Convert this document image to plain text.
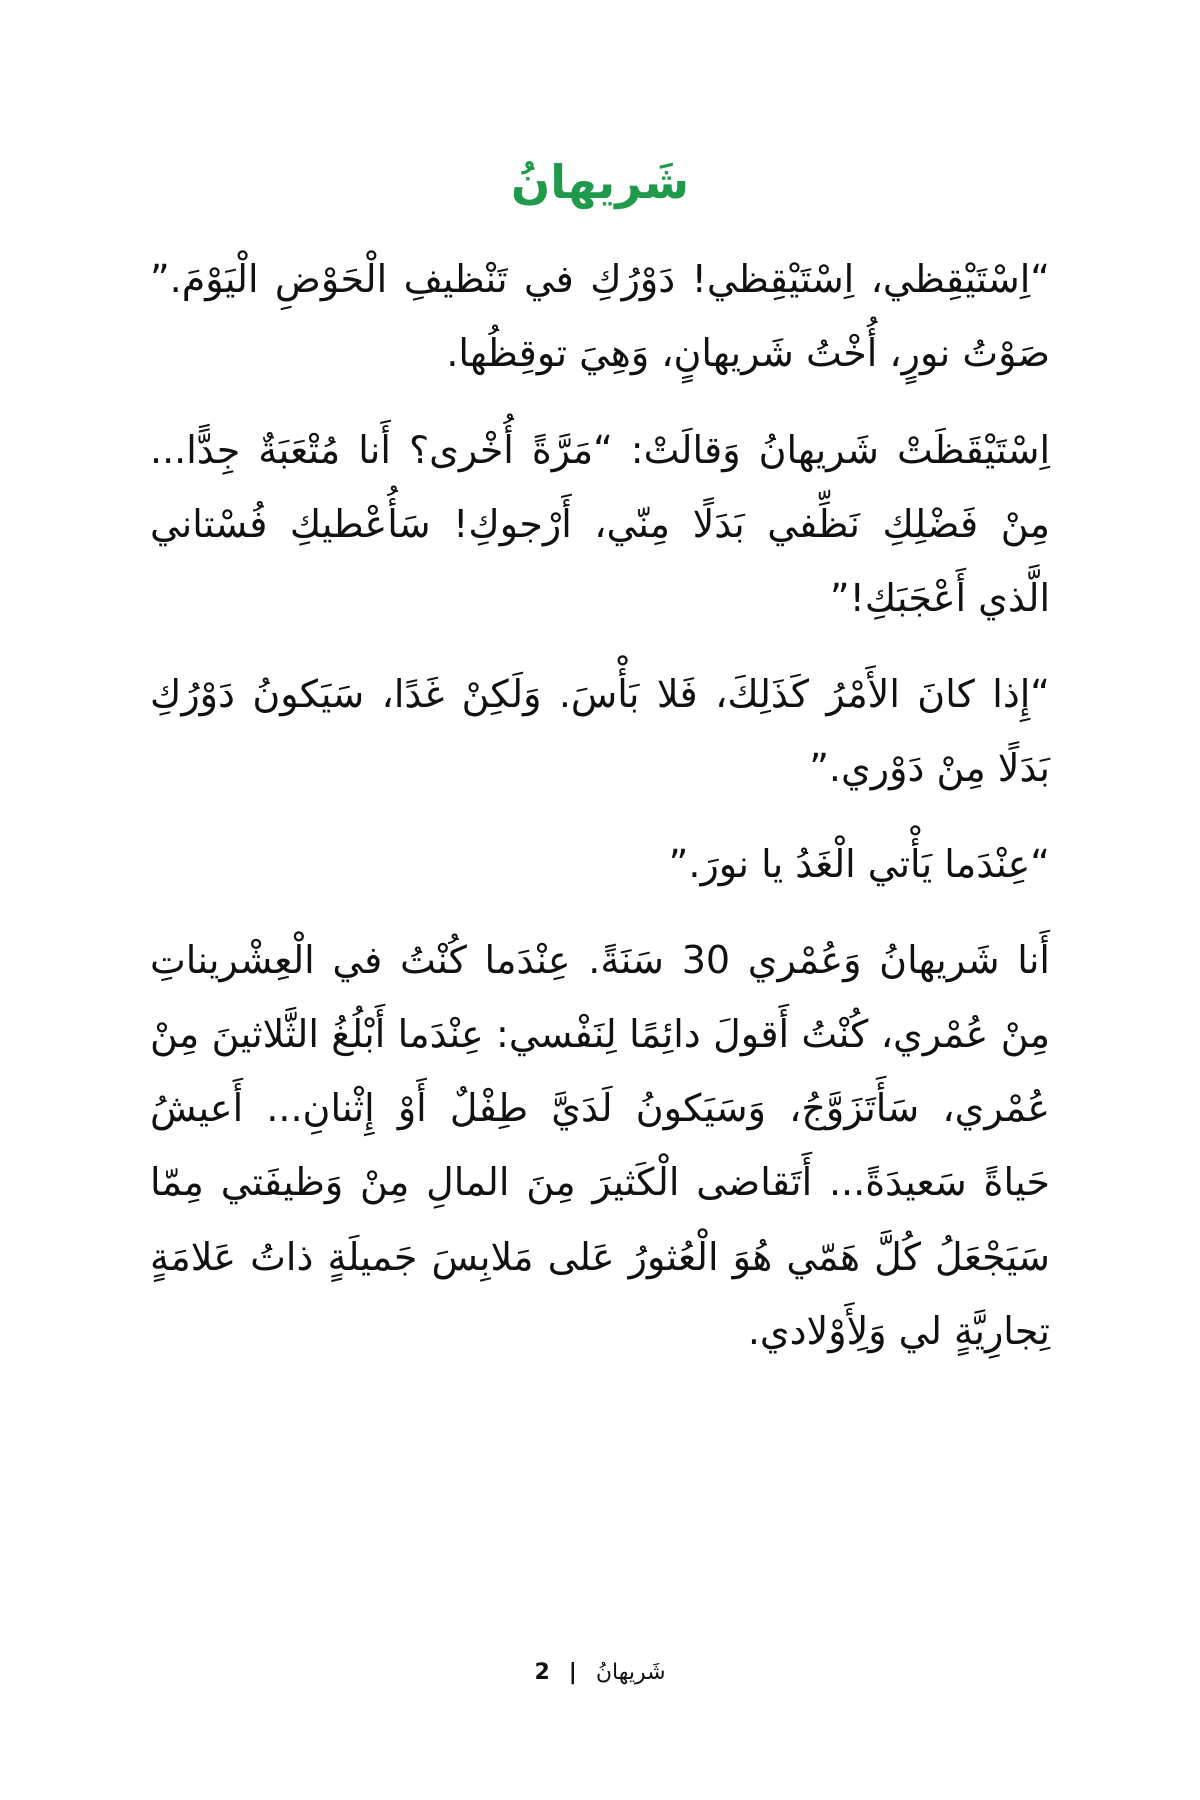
شَريهانُ

“اِسْتَيْقِظي، اِسْتَيْقِظي! دَوْرُكِ في تَنْظيفِ الْحَوْضِ الْيَوْمَ.” صَوْتُ نورٍ، أُخْتُ شَريهانٍ، وَهِيَ توقِظُها.

اِسْتَيْقَظَتْ شَريهانُ وَقالَتْ: “مَرَّةً أُخْرى؟ أَنا مُتْعَبَةٌ جِدًّا... مِنْ فَضْلِكِ نَظِّفي بَدَلًا مِنّي، أَرْجوكِ! سَأُعْطيكِ فُسْتاني الَّذي أَعْجَبَكِ!”

“إِذا كانَ الأَمْرُ كَذَلِكَ، فَلا بَأْسَ. وَلَكِنْ غَدًا، سَيَكونُ دَوْرُكِ بَدَلًا مِنْ دَوْري.”

“عِنْدَما يَأْتي الْغَدُ يا نورَ.”

أَنا شَريهانُ وَعُمْري 30 سَنَةً. عِنْدَما كُنْتُ في الْعِشْريناتِ مِنْ عُمْري، كُنْتُ أَقولَ دائِمًا لِنَفْسي: عِنْدَما أَبْلُغُ الثَّلاثينَ مِنْ عُمْري، سَأَتَزَوَّجُ، وَسَيَكونُ لَدَيَّ طِفْلٌ أَوْ إِثْنانِ... أَعيشُ حَياةً سَعيدَةً... أَتَقاضى الْكَثيرَ مِنَ المالِ مِنْ وَظيفَتي مِمّا سَيَجْعَلُ كُلَّ هَمّي هُوَ الْعُثورُ عَلى مَلابِسَ جَميلَةٍ ذاتُ عَلامَةٍ تِجارِيَّةٍ لي وَلِأَوْلادي.

شَريهانُ | 2
